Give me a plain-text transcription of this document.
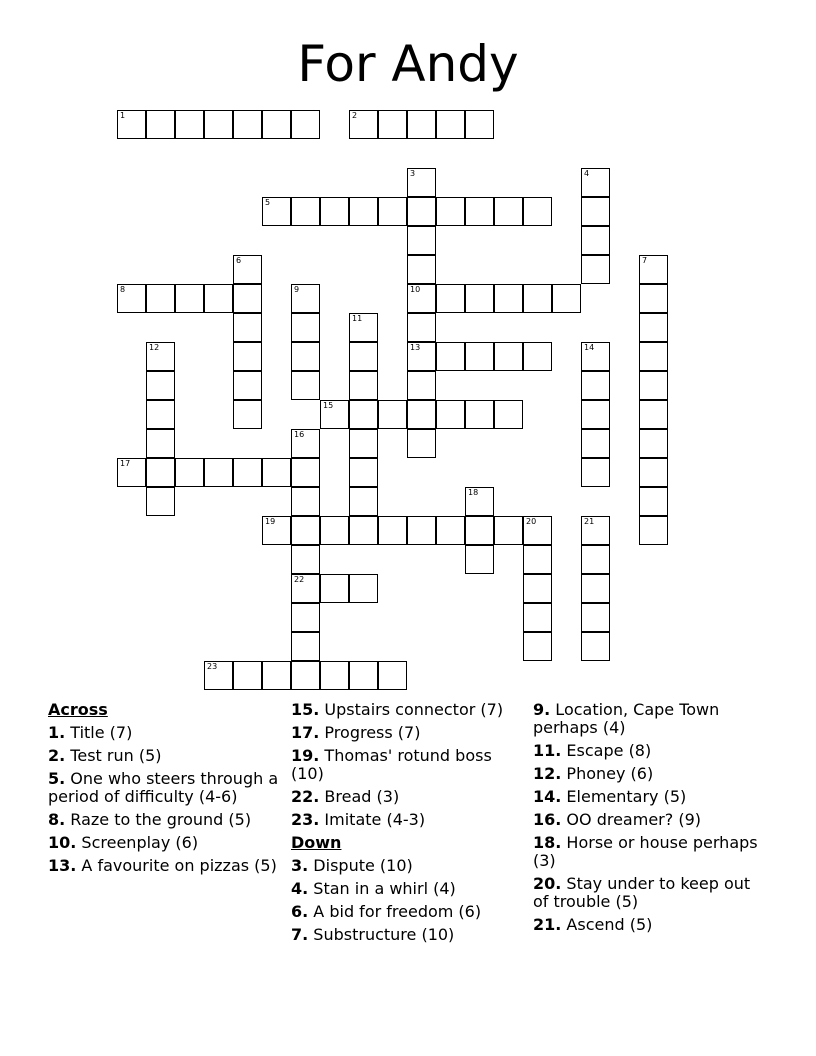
For Andy
1	2
3
10
13
4
5
6	7
8	9
11
12	14
15
16
22
17
18
19	20	21
23
Across
1. Title (7)
2. Test run (5)
5. One who steers through a period of difficulty (4-6)
8. Raze to the ground (5)
10. Screenplay (6)
13. A favourite on pizzas (5)
15. Upstairs connector (7)
17. Progress (7)
19. Thomas' rotund boss (10)
22. Bread (3)
23. Imitate (4-3)
Down
3. Dispute (10)
4. Stan in a whirl (4)
6. A bid for freedom (6)
7. Substructure (10)
9. Location, Cape Town perhaps (4)
11. Escape (8)
12. Phoney (6)
14. Elementary (5)
16. OO dreamer? (9)
18. Horse or house perhaps (3)
20. Stay under to keep out of trouble (5)
21. Ascend (5)
